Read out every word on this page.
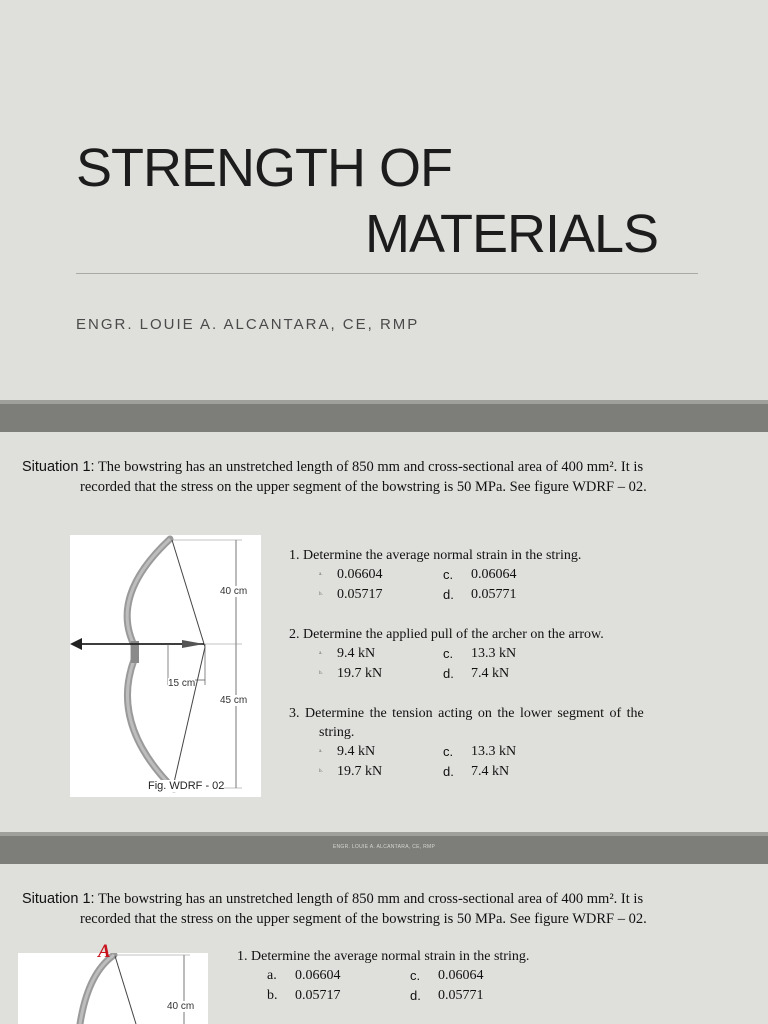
STRENGTH OF
MATERIALS
ENGR. LOUIE A. ALCANTARA, CE, RMP
Situation 1: The bowstring has an unstretched length of 850 mm and cross-sectional area of 400 mm². It is
recorded that the stress on the upper segment of the bowstring is 50 MPa. See figure WDRF – 02.
40 cm
15 cm
45 cm
Fig. WDRF - 02
1. Determine the average normal strain in the string.
a.	0.06604	c.	0.06064
b.	0.05717	d.	0.05771
2. Determine the applied pull of the archer on the arrow.
a.	9.4 kN	c.	13.3 kN
b.	19.7 kN	d.	7.4 kN
3. Determine the tension acting on the lower segment of the
string.
a.	9.4 kN	c.	13.3 kN
b.	19.7 kN	d.	7.4 kN
ENGR. LOUIE A. ALCANTARA, CE, RMP
Situation 1: The bowstring has an unstretched length of 850 mm and cross-sectional area of 400 mm². It is
recorded that the stress on the upper segment of the bowstring is 50 MPa. See figure WDRF – 02.
A
40 cm
1. Determine the average normal strain in the string.
a.	0.06604	c.	0.06064
b.	0.05717	d.	0.05771
